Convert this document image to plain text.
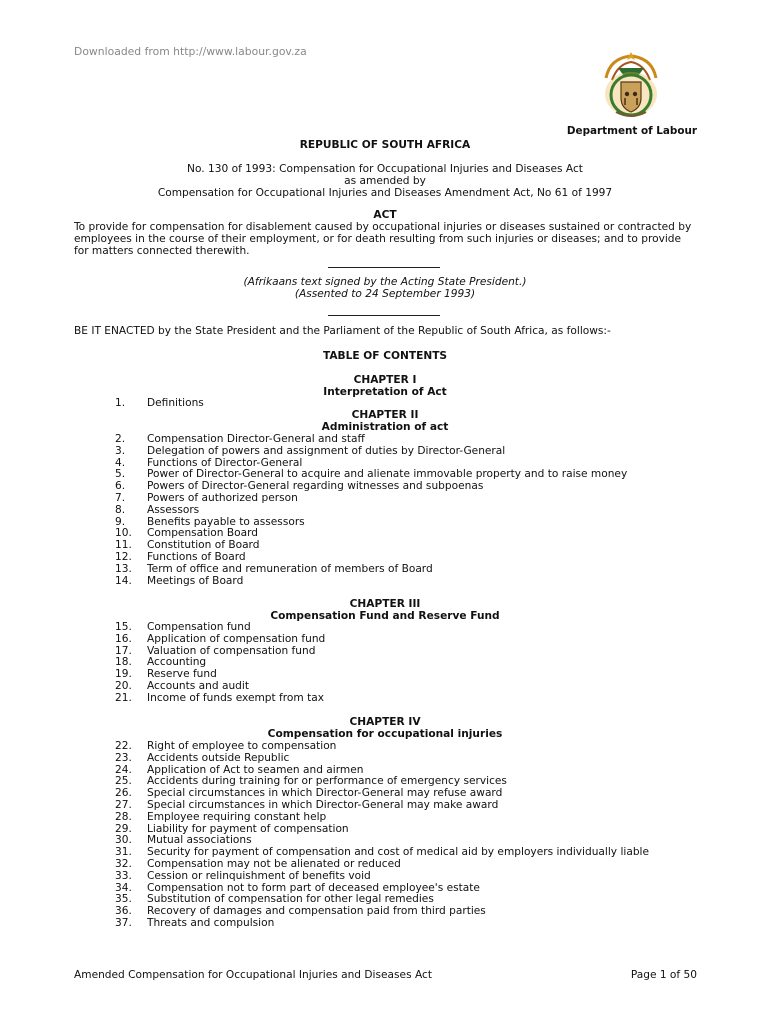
Downloaded from http://www.labour.gov.za
Department of Labour
REPUBLIC OF SOUTH AFRICA
No. 130 of 1993: Compensation for Occupational Injuries and Diseases Act
as amended by
Compensation for Occupational Injuries and Diseases Amendment Act, No 61 of 1997
ACT
To provide for compensation for disablement caused by occupational injuries or diseases sustained or contracted by employees in the course of their employment, or for death resulting from such injuries or diseases; and to provide for matters connected therewith.
(Afrikaans text signed by the Acting State President.)
(Assented to 24 September 1993)
BE IT ENACTED by the State President and the Parliament of the Republic of South Africa, as follows:-
TABLE OF CONTENTS
CHAPTER I
Interpretation of Act
1. Definitions
CHAPTER II
Administration of act
2. Compensation Director-General and staff
3. Delegation of powers and assignment of duties by Director-General
4. Functions of Director-General
5. Power of Director-General to acquire and alienate immovable property and to raise money
6. Powers of Director-General regarding witnesses and subpoenas
7. Powers of authorized person
8. Assessors
9. Benefits payable to assessors
10. Compensation Board
11. Constitution of Board
12. Functions of Board
13. Term of office and remuneration of members of Board
14. Meetings of Board
CHAPTER III
Compensation Fund and Reserve Fund
15. Compensation fund
16. Application of compensation fund
17. Valuation of compensation fund
18. Accounting
19. Reserve fund
20. Accounts and audit
21. Income of funds exempt from tax
CHAPTER IV
Compensation for occupational injuries
22. Right of employee to compensation
23. Accidents outside Republic
24. Application of Act to seamen and airmen
25. Accidents during training for or performance of emergency services
26. Special circumstances in which Director-General may refuse award
27. Special circumstances in which Director-General may make award
28. Employee requiring constant help
29. Liability for payment of compensation
30. Mutual associations
31. Security for payment of compensation and cost of medical aid by employers individually liable
32. Compensation may not be alienated or reduced
33. Cession or relinquishment of benefits void
34. Compensation not to form part of deceased employee's estate
35. Substitution of compensation for other legal remedies
36. Recovery of damages and compensation paid from third parties
37. Threats and compulsion
Amended Compensation for Occupational Injuries and Diseases Act	Page 1 of 50
